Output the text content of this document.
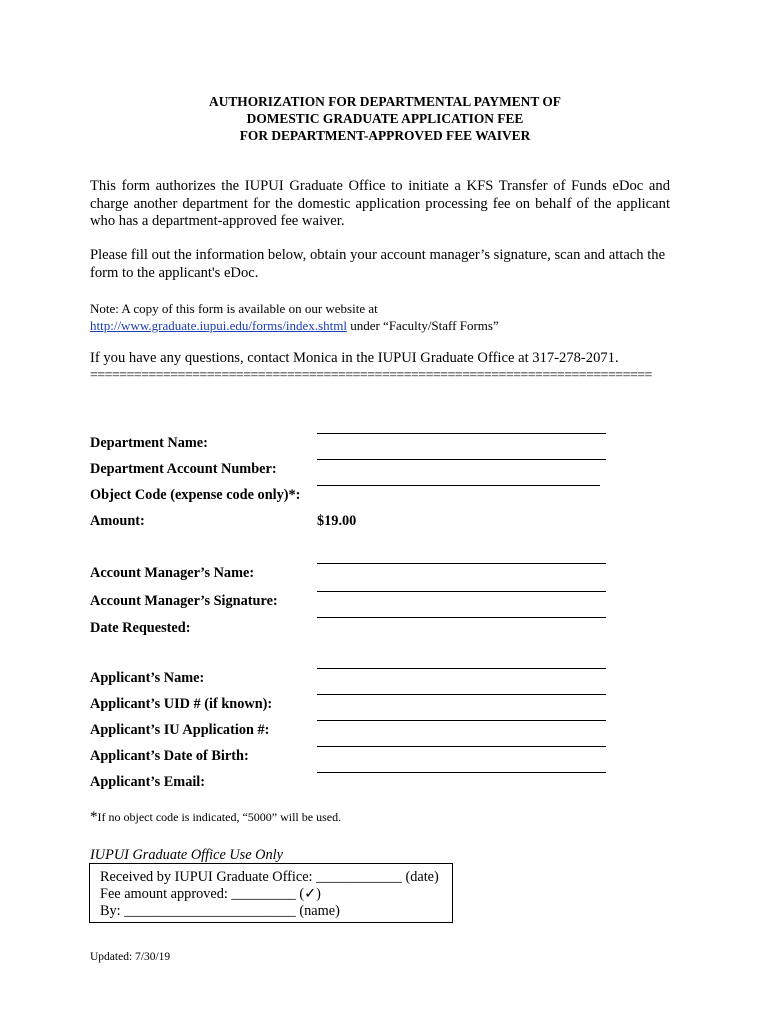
AUTHORIZATION FOR DEPARTMENTAL PAYMENT OF
DOMESTIC GRADUATE APPLICATION FEE
FOR DEPARTMENT-APPROVED FEE WAIVER
This form authorizes the IUPUI Graduate Office to initiate a KFS Transfer of Funds eDoc and charge another department for the domestic application processing fee on behalf of the applicant who has a department-approved fee waiver.
Please fill out the information below, obtain your account manager’s signature, scan and attach the form to the applicant's eDoc.
Note: A copy of this form is available on our website at
http://www.graduate.iupui.edu/forms/index.shtml under “Faculty/Staff Forms”
If you have any questions, contact Monica in the IUPUI Graduate Office at 317-278-2071.
=============================================================================
Department Name:
Department Account Number:
Object Code (expense code only)*:
Amount:	$19.00
Account Manager’s Name:
Account Manager’s Signature:
Date Requested:
Applicant’s Name:
Applicant’s UID # (if known):
Applicant’s IU Application #:
Applicant’s Date of Birth:
Applicant’s Email:
*If no object code is indicated, “5000” will be used.
IUPUI Graduate Office Use Only
Received by IUPUI Graduate Office: ____________ (date)
Fee amount approved: _________ (✓)
By: ________________________ (name)
Updated: 7/30/19
